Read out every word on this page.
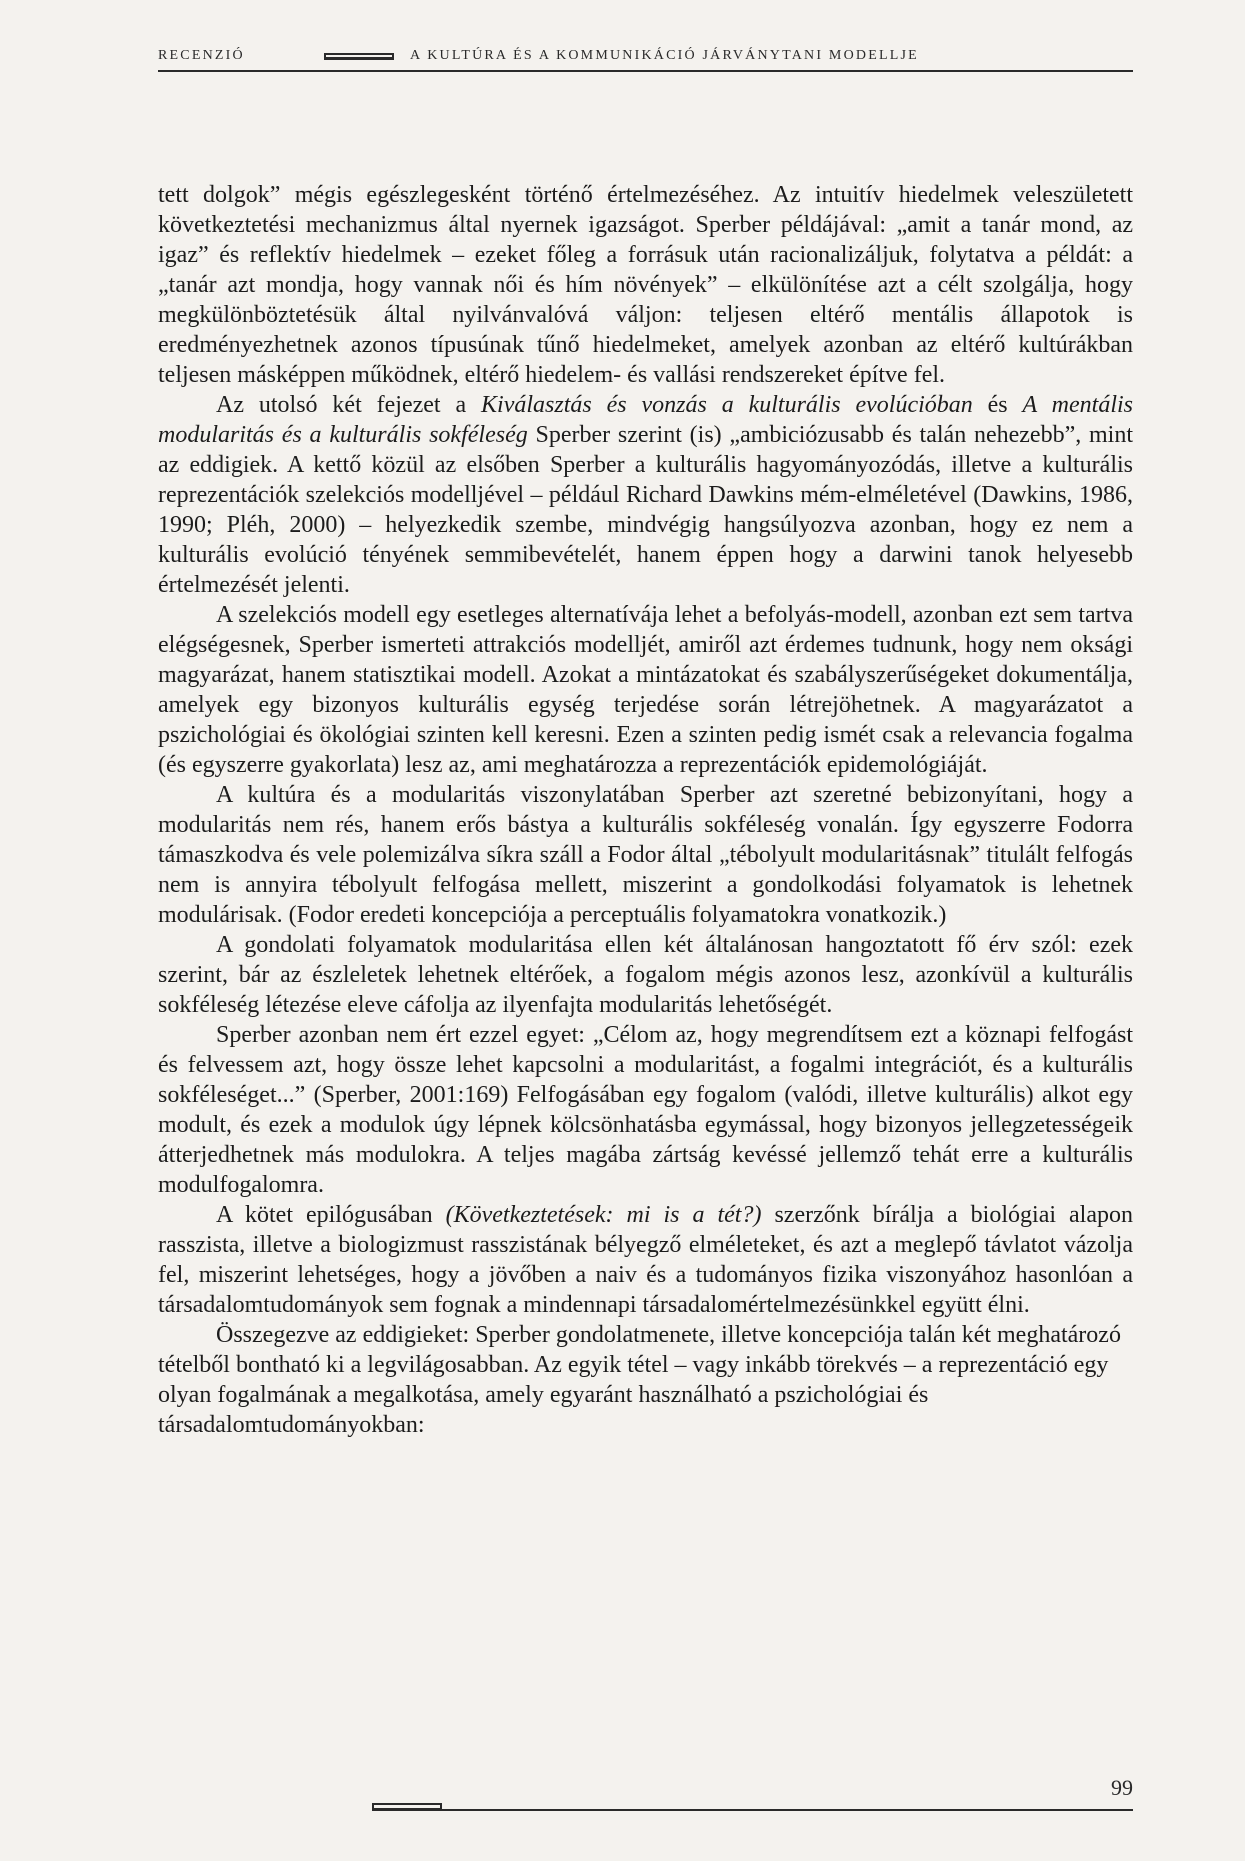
RECENZIÓ	A KULTÚRA ÉS A KOMMUNIKÁCIÓ JÁRVÁNYTANI MODELLJE

tett dolgok” mégis egészlegesként történő értelmezéséhez. Az intuitív hiedelmek veleszületett következtetési mechanizmus által nyernek igazságot. Sperber példájával: „amit a tanár mond, az igaz” és reflektív hiedelmek – ezeket főleg a forrásuk után racionalizáljuk, folytatva a példát: a „tanár azt mondja, hogy vannak női és hím növények” – elkülönítése azt a célt szolgálja, hogy megkülönböztetésük által nyilvánvalóvá váljon: teljesen eltérő mentális állapotok is eredményezhetnek azonos típusúnak tűnő hiedelmeket, amelyek azonban az eltérő kultúrákban teljesen másképpen működnek, eltérő hiedelem- és vallási rendszereket építve fel.

Az utolsó két fejezet a Kiválasztás és vonzás a kulturális evolúcióban és A mentális modularitás és a kulturális sokféleség Sperber szerint (is) „ambiciózusabb és talán nehezebb”, mint az eddigiek. A kettő közül az elsőben Sperber a kulturális hagyományozódás, illetve a kulturális reprezentációk szelekciós modelljével – például Richard Dawkins mém-elméletével (Dawkins, 1986, 1990; Pléh, 2000) – helyezkedik szembe, mindvégig hangsúlyozva azonban, hogy ez nem a kulturális evolúció tényének semmibevételét, hanem éppen hogy a darwini tanok helyesebb értelmezését jelenti.

A szelekciós modell egy esetleges alternatívája lehet a befolyás-modell, azonban ezt sem tartva elégségesnek, Sperber ismerteti attrakciós modelljét, amiről azt érdemes tudnunk, hogy nem oksági magyarázat, hanem statisztikai modell. Azokat a mintázatokat és szabályszerűségeket dokumentálja, amelyek egy bizonyos kulturális egység terjedése során létrejöhetnek. A magyarázatot a pszichológiai és ökológiai szinten kell keresni. Ezen a szinten pedig ismét csak a relevancia fogalma (és egyszerre gyakorlata) lesz az, ami meghatározza a reprezentációk epidemológiáját.

A kultúra és a modularitás viszonylatában Sperber azt szeretné bebizonyítani, hogy a modularitás nem rés, hanem erős bástya a kulturális sokféleség vonalán. Így egyszerre Fodorra támaszkodva és vele polemizálva síkra száll a Fodor által „tébolyult modularitásnak” titulált felfogás nem is annyira tébolyult felfogása mellett, miszerint a gondolkodási folyamatok is lehetnek modulárisak. (Fodor eredeti koncepciója a perceptuális folyamatokra vonatkozik.)

A gondolati folyamatok modularitása ellen két általánosan hangoztatott fő érv szól: ezek szerint, bár az észleletek lehetnek eltérőek, a fogalom mégis azonos lesz, azonkívül a kulturális sokféleség létezése eleve cáfolja az ilyenfajta modularitás lehetőségét.

Sperber azonban nem ért ezzel egyet: „Célom az, hogy megrendítsem ezt a köznapi felfogást és felvessem azt, hogy össze lehet kapcsolni a modularitást, a fogalmi integrációt, és a kulturális sokféleséget...” (Sperber, 2001:169) Felfogásában egy fogalom (valódi, illetve kulturális) alkot egy modult, és ezek a modulok úgy lépnek kölcsönhatásba egymással, hogy bizonyos jellegzetességeik átterjedhetnek más modulokra. A teljes magába zártság kevéssé jellemző tehát erre a kulturális modulfogalomra.

A kötet epilógusában (Következtetések: mi is a tét?) szerzőnk bírálja a biológiai alapon rasszista, illetve a biologizmust rasszistának bélyegző elméleteket, és azt a meglepő távlatot vázolja fel, miszerint lehetséges, hogy a jövőben a naiv és a tudományos fizika viszonyához hasonlóan a társadalomtudományok sem fognak a mindennapi társadalomértelmezésünkkel együtt élni.

Összegezve az eddigieket: Sperber gondolatmenete, illetve koncepciója talán két meghatározó tételből bontható ki a legvilágosabban. Az egyik tétel – vagy inkább törekvés – a reprezentáció egy olyan fogalmának a megalkotása, amely egyaránt használható a pszichológiai és társadalomtudományokban:

99
